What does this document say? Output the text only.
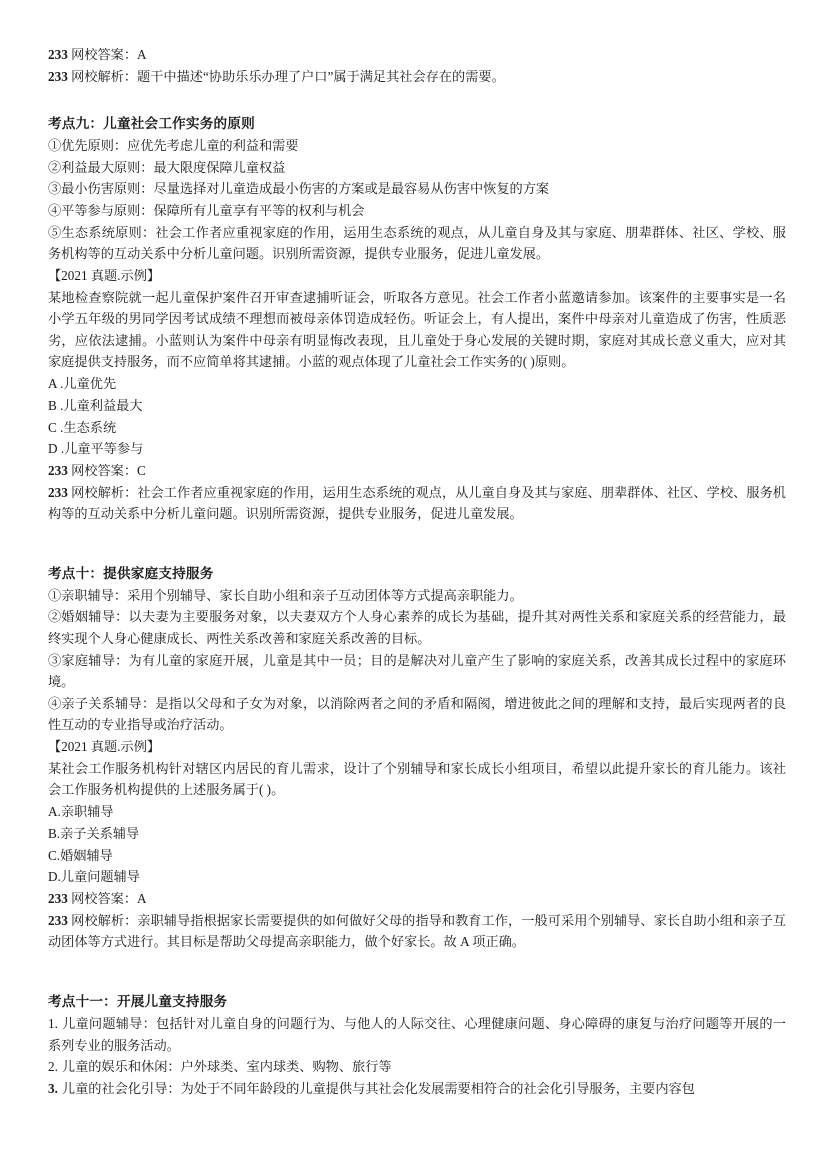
233 网校答案：A

233 网校解析：题干中描述“协助乐乐办理了户口”属于满足其社会存在的需要。

考点九：儿童社会工作实务的原则

①优先原则：应优先考虑儿童的利益和需要

②利益最大原则：最大限度保障儿童权益

③最小伤害原则：尽量选择对儿童造成最小伤害的方案或是最容易从伤害中恢复的方案

④平等参与原则：保障所有儿童享有平等的权利与机会

⑤生态系统原则：社会工作者应重视家庭的作用，运用生态系统的观点，从儿童自身及其与家庭、朋辈群体、社区、学校、服务机构等的互动关系中分析儿童问题。识别所需资源，提供专业服务，促进儿童发展。

【2021 真题.示例】

某地检查察院就一起儿童保护案件召开审查逮捕听证会，听取各方意见。社会工作者小蓝邀请参加。该案件的主要事实是一名小学五年级的男同学因考试成绩不理想而被母亲体罚造成轻伤。听证会上，有人提出，案件中母亲对儿童造成了伤害，性质恶劣，应依法逮捕。小蓝则认为案件中母亲有明显悔改表现，且儿童处于身心发展的关键时期，家庭对其成长意义重大，应对其家庭提供支持服务，而不应简单将其逮捕。小蓝的观点体现了儿童社会工作实务的( )原则。

A .儿童优先

B .儿童利益最大

C .生态系统

D .儿童平等参与

233 网校答案：C

233 网校解析：社会工作者应重视家庭的作用，运用生态系统的观点，从儿童自身及其与家庭、朋辈群体、社区、学校、服务机构等的互动关系中分析儿童问题。识别所需资源，提供专业服务，促进儿童发展。

考点十：提供家庭支持服务

①亲职辅导：采用个别辅导、家长自助小组和亲子互动团体等方式提高亲职能力。

②婚姻辅导：以夫妻为主要服务对象，以夫妻双方个人身心素养的成长为基础，提升其对两性关系和家庭关系的经营能力，最终实现个人身心健康成长、两性关系改善和家庭关系改善的目标。

③家庭辅导：为有儿童的家庭开展，儿童是其中一员；目的是解决对儿童产生了影响的家庭关系，改善其成长过程中的家庭环境。

④亲子关系辅导：是指以父母和子女为对象，以消除两者之间的矛盾和隔阂，增进彼此之间的理解和支持，最后实现两者的良性互动的专业指导或治疗活动。

【2021 真题.示例】

某社会工作服务机构针对辖区内居民的育儿需求，设计了个别辅导和家长成长小组项目，希望以此提升家长的育儿能力。该社会工作服务机构提供的上述服务属于( )。

A.亲职辅导

B.亲子关系辅导

C.婚姻辅导

D.儿童问题辅导

233 网校答案：A

233 网校解析：亲职辅导指根据家长需要提供的如何做好父母的指导和教育工作，一般可采用个别辅导、家长自助小组和亲子互动团体等方式进行。其目标是帮助父母提高亲职能力，做个好家长。故 A 项正确。

考点十一：开展儿童支持服务

1. 儿童问题辅导：包括针对儿童自身的问题行为、与他人的人际交往、心理健康问题、身心障碍的康复与治疗问题等开展的一系列专业的服务活动。

2. 儿童的娱乐和休闲：户外球类、室内球类、购物、旅行等

3. 儿童的社会化引导：为处于不同年龄段的儿童提供与其社会化发展需要相符合的社会化引导服务，主要内容包
